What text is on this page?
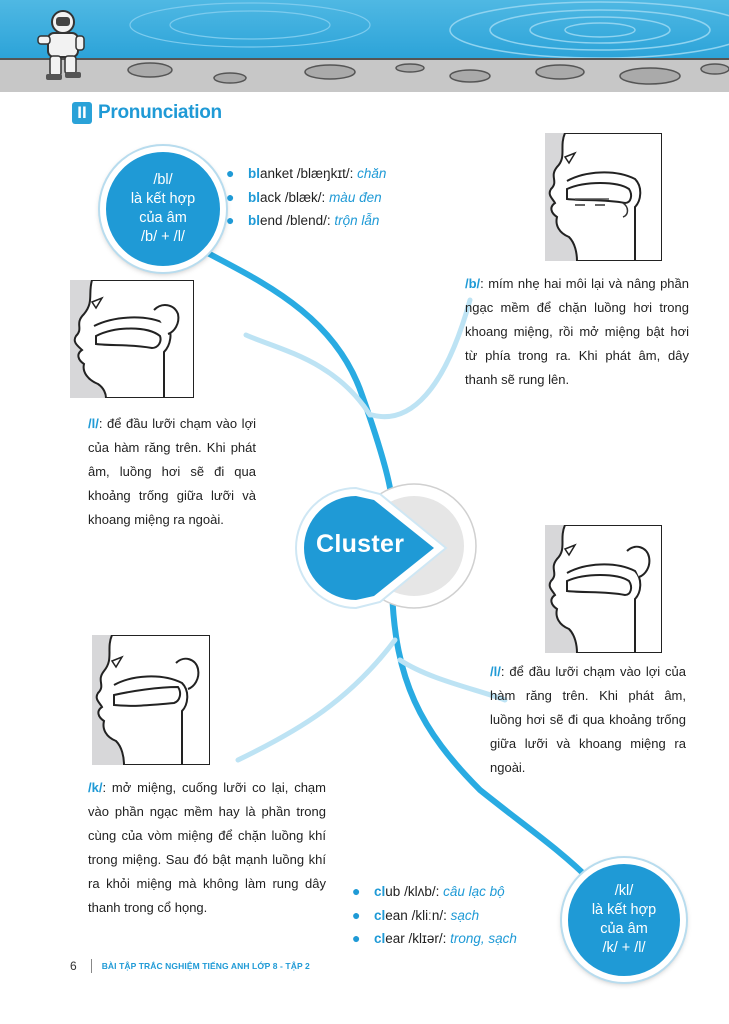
II Pronunciation
Cluster
/bl/
là kết hợp
của âm
/b/ + /l/
●	bl anket
/blæŋkɪt/:
chăn
●	bl ack
/blæk/:
màu đen
●	bl end
/blend/:
trộn lẫn
/b/: mím nhẹ hai môi lại và nâng phần ngạc mềm để chặn luồng hơi trong khoang miệng, rồi mở miệng bật hơi từ phía trong ra. Khi phát âm, dây thanh sẽ rung lên.
/l/: để đầu lưỡi chạm vào lợi của hàm răng trên. Khi phát âm, luồng hơi sẽ đi qua khoảng trống giữa lưỡi và khoang miệng ra ngoài.
/l/: để đầu lưỡi chạm vào lợi của hàm răng trên. Khi phát âm, luồng hơi sẽ đi qua khoảng trống giữa lưỡi và khoang miệng ra ngoài.
/k/: mở miệng, cuống lưỡi co lại, chạm vào phần ngạc mềm hay là phần trong cùng của vòm miệng để chặn luồng khí trong miệng. Sau đó bật mạnh luồng khí ra khỏi miệng mà không làm rung dây thanh trong cổ họng.
●	cl ub
/klʌb/:
câu lạc bộ
●	cl ean
/kliːn/:
sạch
●	cl ear
/klɪər/:
trong, sạch
/kl/
là kết hợp
của âm
/k/ + /l/
6	BÀI TẬP TRẮC NGHIỆM TIẾNG ANH LỚP 8 - TẬP 2
